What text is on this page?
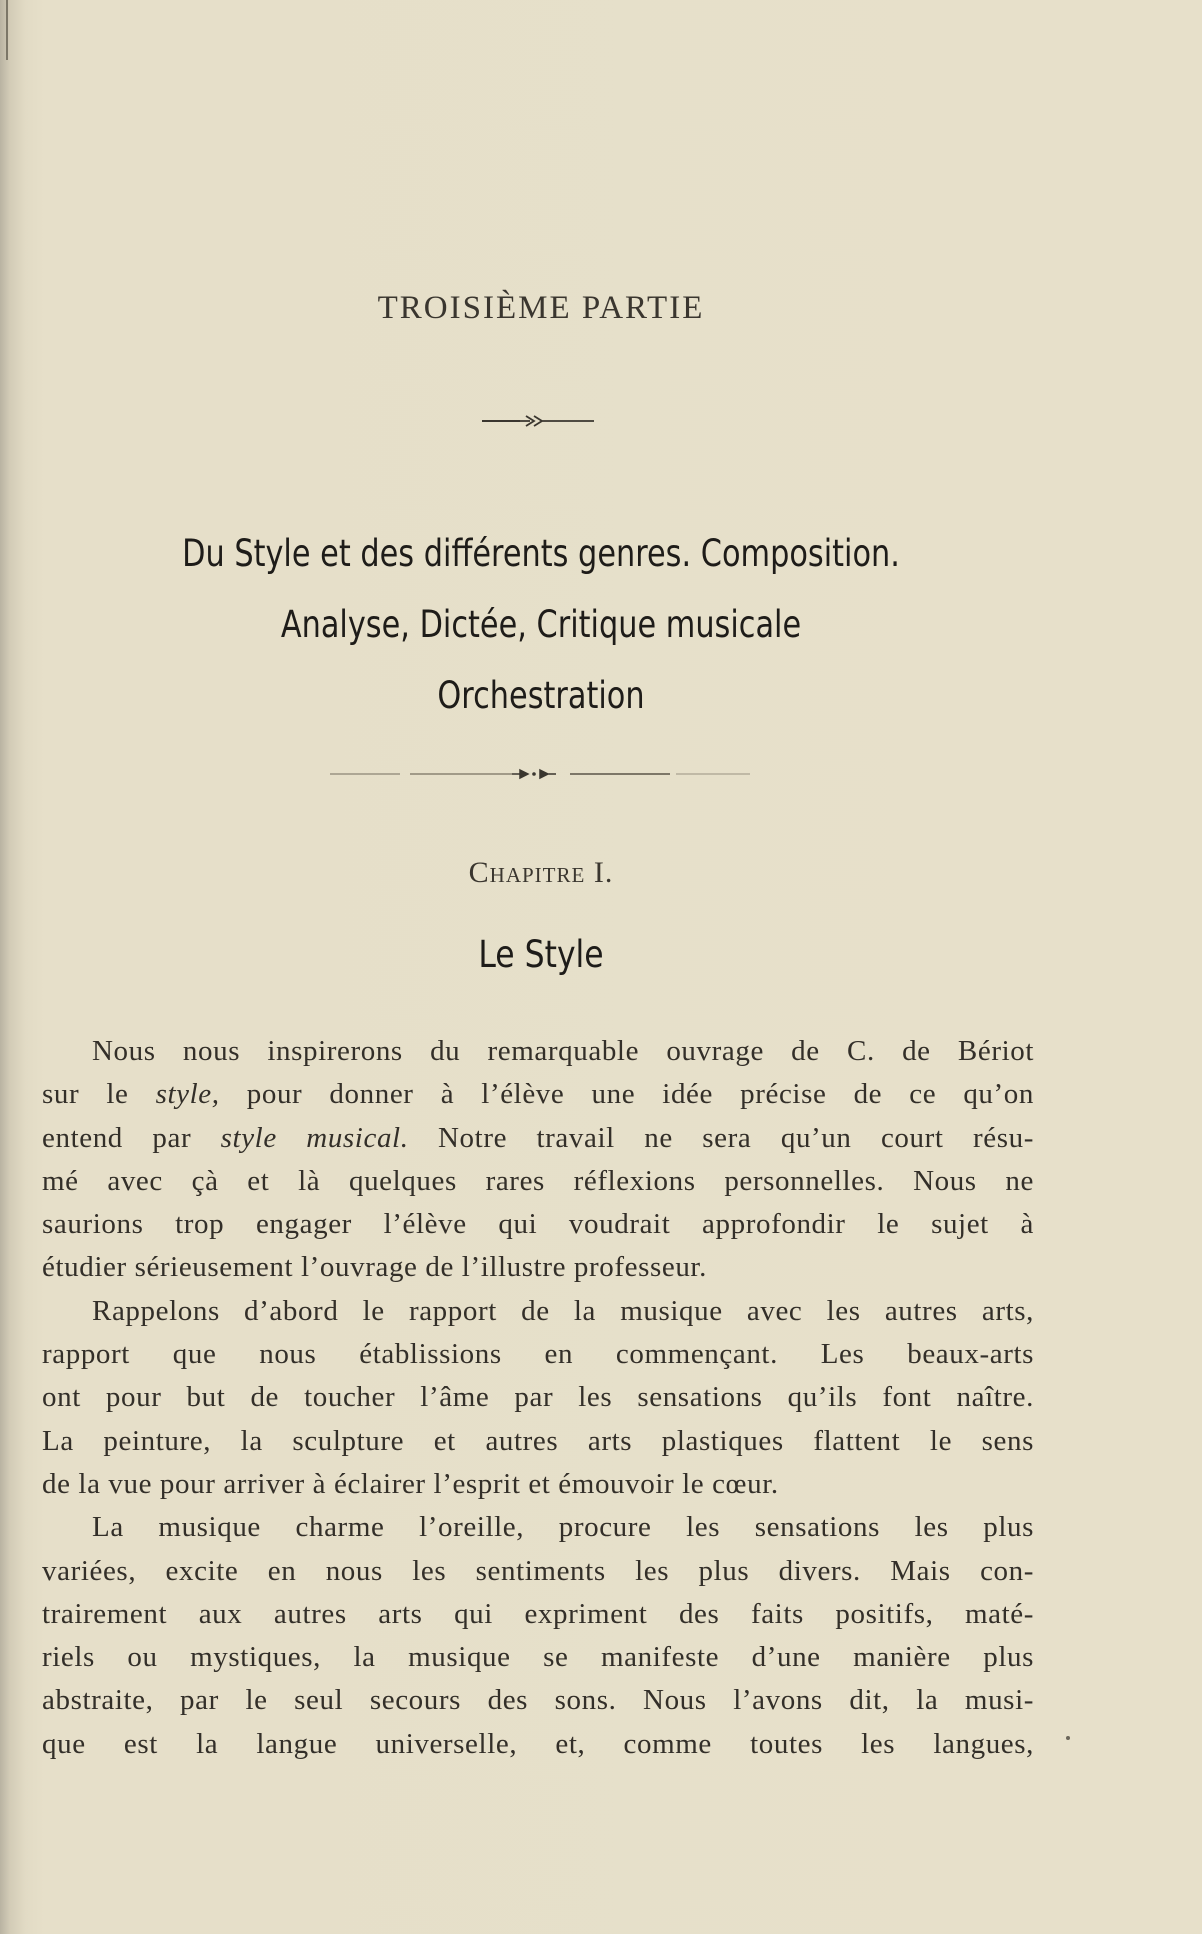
TROISIÈME PARTIE
Du Style et des différents genres. Composition.
Analyse, Dictée, Critique musicale
Orchestration
Chapitre I.
Le Style
Nous nous inspirerons du remarquable ouvrage de C. de Bériot
sur le style, pour donner à l’élève une idée précise de ce qu’on
entend par style musical. Notre travail ne sera qu’un court résu-
mé avec çà et là quelques rares réflexions personnelles. Nous ne
saurions trop engager l’élève qui voudrait approfondir le sujet à
étudier sérieusement l’ouvrage de l’illustre professeur.
Rappelons d’abord le rapport de la musique avec les autres arts,
rapport que nous établissions en commençant. Les beaux-arts
ont pour but de toucher l’âme par les sensations qu’ils font naître.
La peinture, la sculpture et autres arts plastiques flattent le sens
de la vue pour arriver à éclairer l’esprit et émouvoir le cœur.
La musique charme l’oreille, procure les sensations les plus
variées, excite en nous les sentiments les plus divers. Mais con-
trairement aux autres arts qui expriment des faits positifs, maté-
riels ou mystiques, la musique se manifeste d’une manière plus
abstraite, par le seul secours des sons. Nous l’avons dit, la musi-
que est la langue universelle, et, comme toutes les langues,
